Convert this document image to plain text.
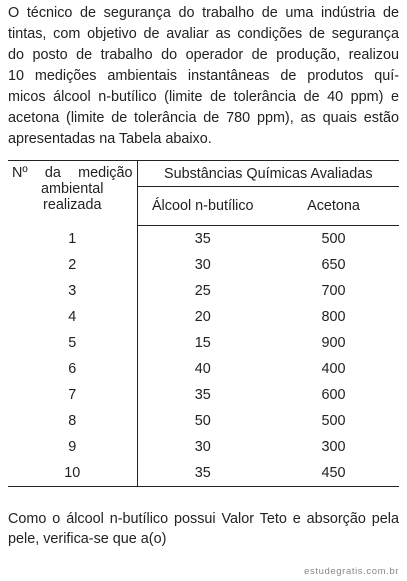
O técnico de segurança do trabalho de uma indústria de
tintas, com objetivo de avaliar as condições de segurança
do posto de trabalho do operador de produção, realizou
10 medições ambientais instantâneas de produtos quí-
micos álcool n-butílico (limite de tolerância de 40 ppm) e
acetona (limite de tolerância de 780 ppm), as quais estão
apresentadas na Tabela abaixo.
Nº da medição
ambiental
realizada	Substâncias Químicas Avaliadas	
	Álcool n-butílico	Acetona
1	35	500
2	30	650
3	25	700
4	20	800
5	15	900
6	40	400
7	35	600
8	50	500
9	30	300
10	35	450
Como o álcool n-butílico possui Valor Teto e absorção pela
pele, verifica-se que a(o)
estudegratis.com.br
